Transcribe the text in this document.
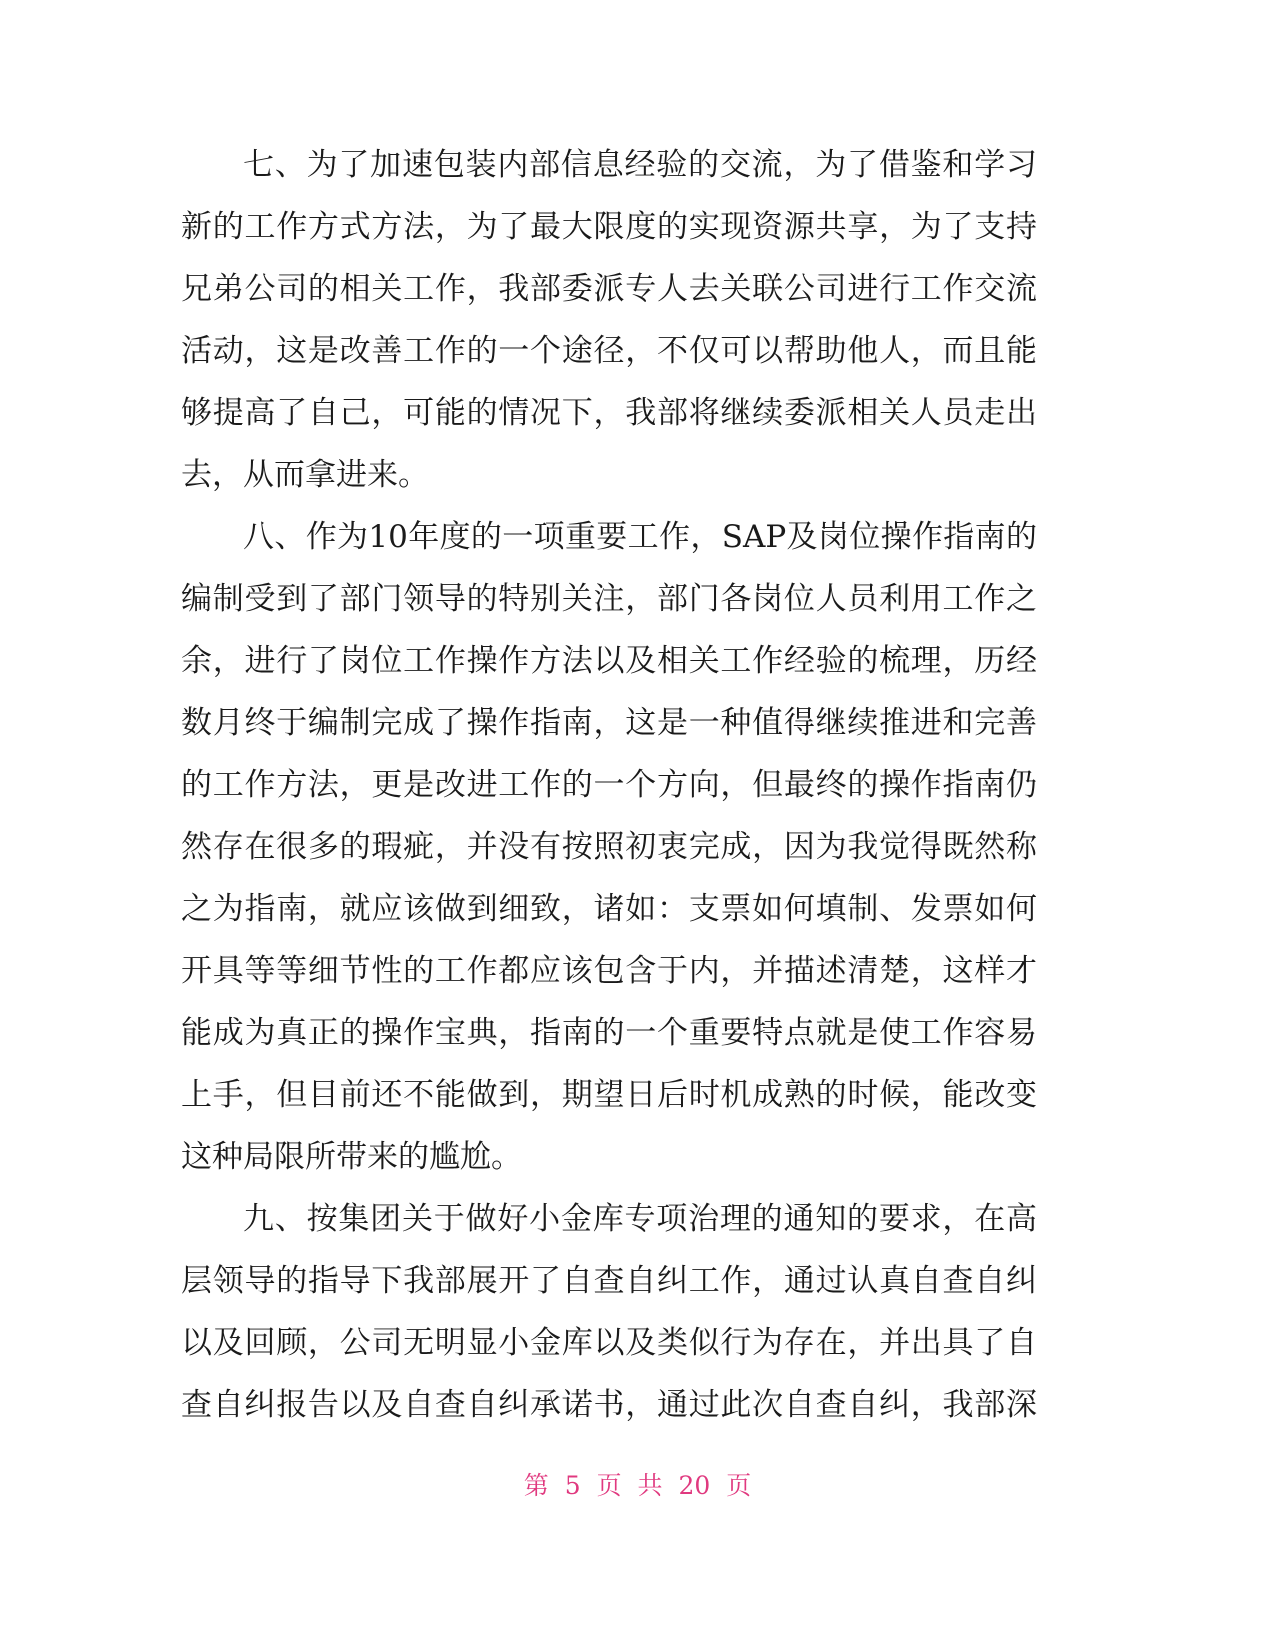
七、为了加速包装内部信息经验的交流，为了借鉴和学习
新的工作方式方法，为了最大限度的实现资源共享，为了支持
兄弟公司的相关工作，我部委派专人去关联公司进行工作交流
活动，这是改善工作的一个途径，不仅可以帮助他人，而且能
够提高了自己，可能的情况下，我部将继续委派相关人员走出
去，从而拿进来。
八、作为10年度的一项重要工作，SAP及岗位操作指南的
编制受到了部门领导的特别关注，部门各岗位人员利用工作之
余，进行了岗位工作操作方法以及相关工作经验的梳理，历经
数月终于编制完成了操作指南，这是一种值得继续推进和完善
的工作方法，更是改进工作的一个方向，但最终的操作指南仍
然存在很多的瑕疵，并没有按照初衷完成，因为我觉得既然称
之为指南，就应该做到细致，诸如：支票如何填制、发票如何
开具等等细节性的工作都应该包含于内，并描述清楚，这样才
能成为真正的操作宝典，指南的一个重要特点就是使工作容易
上手，但目前还不能做到，期望日后时机成熟的时候，能改变
这种局限所带来的尴尬。
九、按集团关于做好小金库专项治理的通知的要求，在高
层领导的指导下我部展开了自查自纠工作，通过认真自查自纠
以及回顾，公司无明显小金库以及类似行为存在，并出具了自
查自纠报告以及自查自纠承诺书，通过此次自查自纠，我部深
第 5 页 共 20 页
